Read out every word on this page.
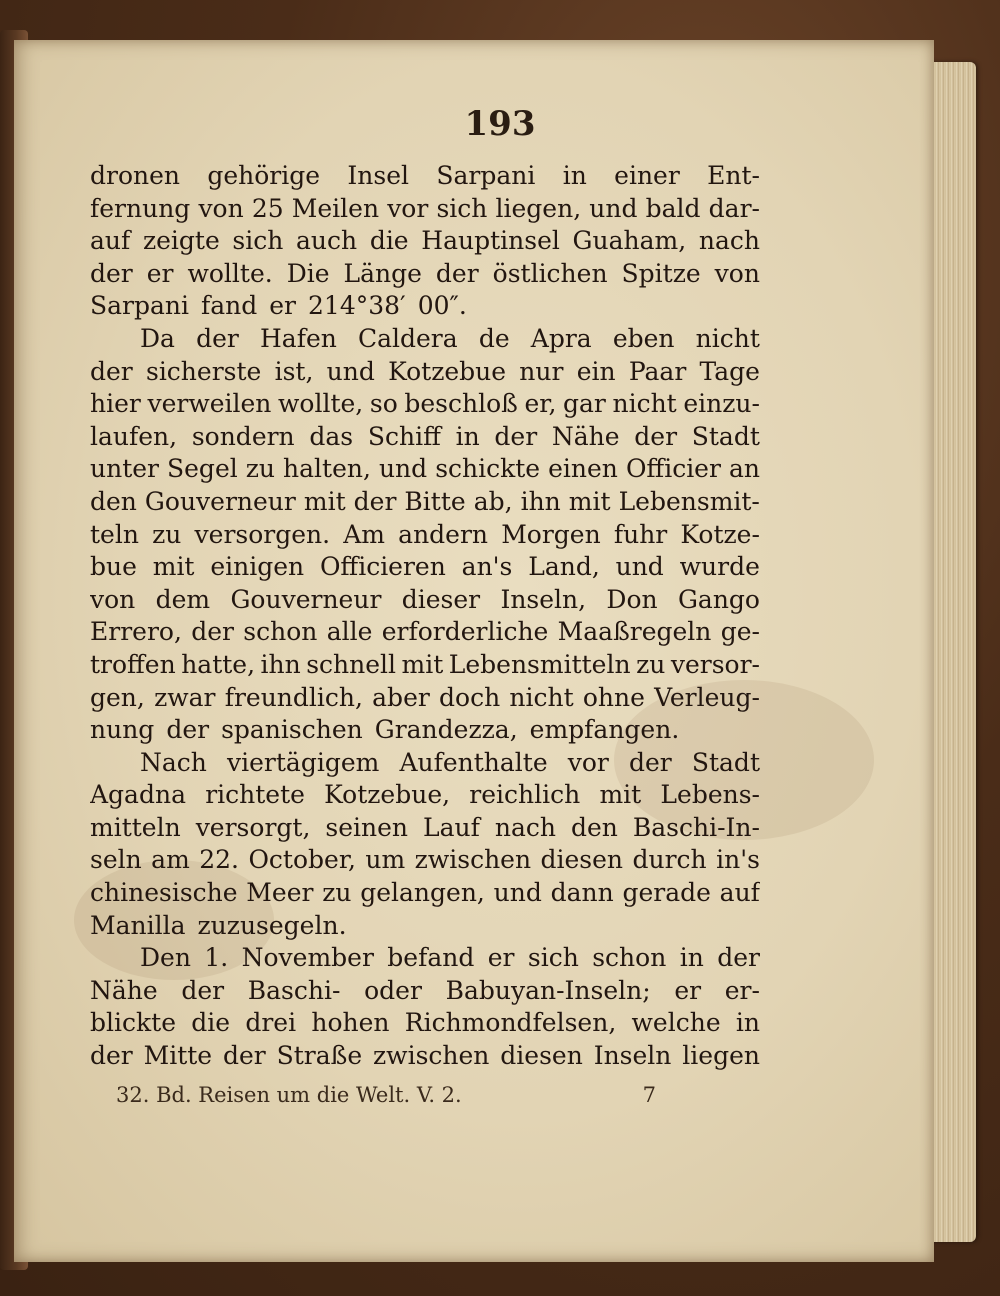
193
dronen gehörige Insel Sarpani in einer Ent-
fernung von 25 Meilen vor sich liegen, und bald dar-
auf zeigte sich auch die Hauptinsel Guaham, nach
der er wollte. Die Länge der östlichen Spitze von
Sarpani fand er 214°38′ 00″.
Da der Hafen Caldera de Apra eben nicht
der sicherste ist, und Kotzebue nur ein Paar Tage
hier verweilen wollte, so beschloß er, gar nicht einzu-
laufen, sondern das Schiff in der Nähe der Stadt
unter Segel zu halten, und schickte einen Officier an
den Gouverneur mit der Bitte ab, ihn mit Lebensmit-
teln zu versorgen. Am andern Morgen fuhr Kotze-
bue mit einigen Officieren an's Land, und wurde
von dem Gouverneur dieser Inseln, Don Gango
Errero, der schon alle erforderliche Maaßregeln ge-
troffen hatte, ihn schnell mit Lebensmitteln zu versor-
gen, zwar freundlich, aber doch nicht ohne Verleug-
nung der spanischen Grandezza, empfangen.
Nach viertägigem Aufenthalte vor der Stadt
Agadna richtete Kotzebue, reichlich mit Lebens-
mitteln versorgt, seinen Lauf nach den Baschi-In-
seln am 22. October, um zwischen diesen durch in's
chinesische Meer zu gelangen, und dann gerade auf
Manilla zuzusegeln.
Den 1. November befand er sich schon in der
Nähe der Baschi- oder Babuyan-Inseln; er er-
blickte die drei hohen Richmondfelsen, welche in
der Mitte der Straße zwischen diesen Inseln liegen
32. Bd. Reisen um die Welt. V. 2.	7
